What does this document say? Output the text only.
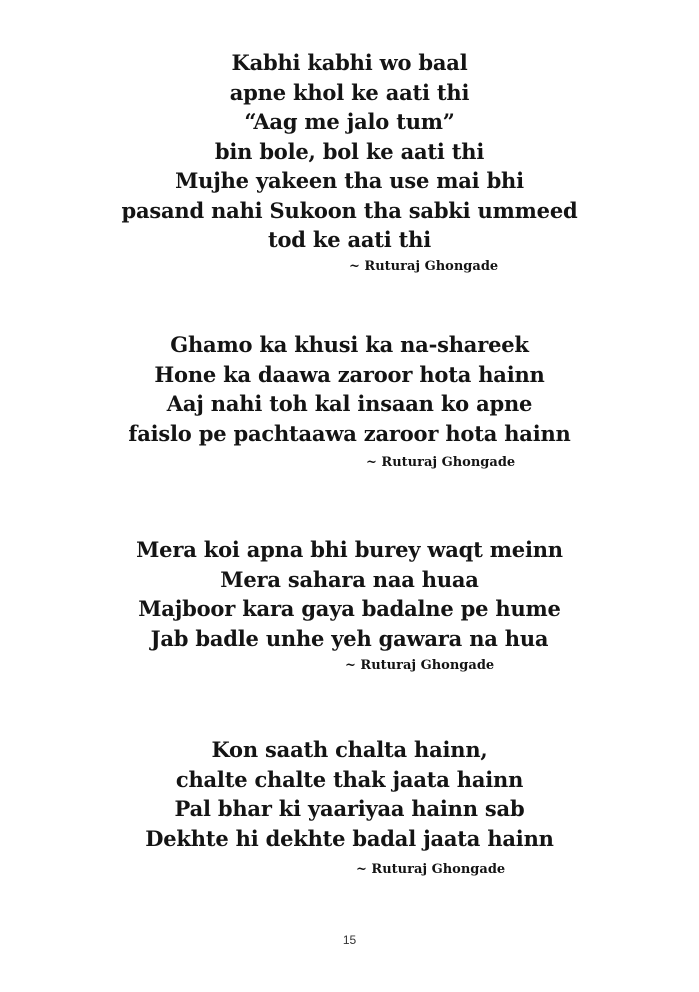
Kabhi kabhi wo baal
apne khol ke aati thi
“Aag me jalo tum”
bin bole, bol ke aati thi
Mujhe yakeen tha use mai bhi
pasand nahi Sukoon tha sabki ummeed
tod ke aati thi
~ Ruturaj Ghongade
Ghamo ka khusi ka na-shareek
Hone ka daawa zaroor hota hainn
Aaj nahi toh kal insaan ko apne
faislo pe pachtaawa zaroor hota hainn
~ Ruturaj Ghongade
Mera koi apna bhi burey waqt meinn
Mera sahara naa huaa
Majboor kara gaya badalne pe hume
Jab badle unhe yeh gawara na hua
~ Ruturaj Ghongade
Kon saath chalta hainn,
chalte chalte thak jaata hainn
Pal bhar ki yaariyaa hainn sab
Dekhte hi dekhte badal jaata hainn
~ Ruturaj Ghongade
15
